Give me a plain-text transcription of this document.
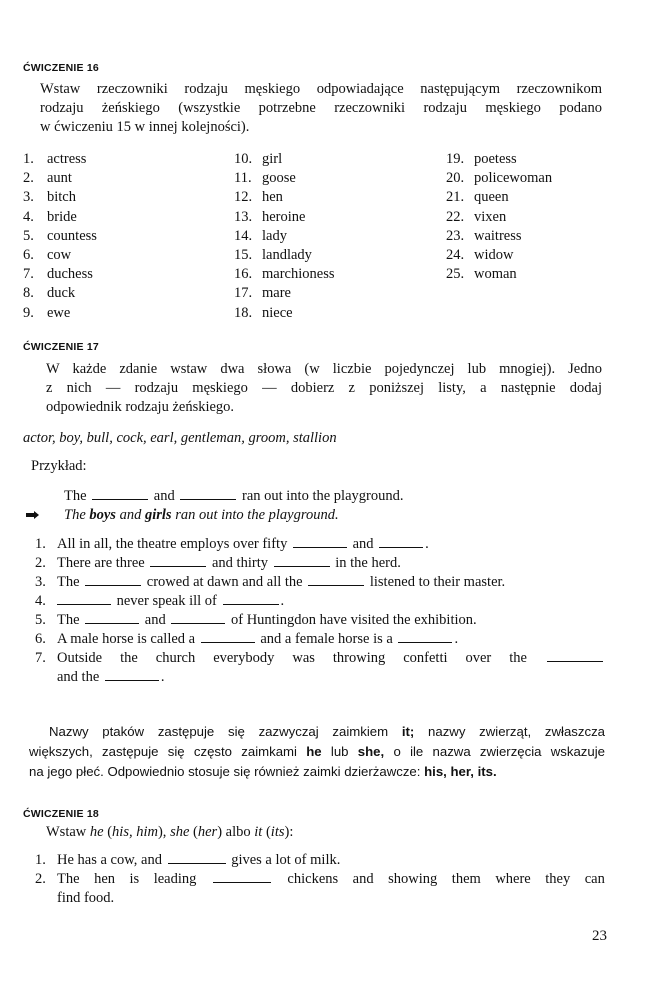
ĆWICZENIE 16
Wstaw rzeczowniki rodzaju męskiego odpowiadające następującym rzeczownikom
rodzaju żeńskiego (wszystkie potrzebne rzeczowniki rodzaju męskiego podano
w ćwiczeniu 15 w innej kolejności).
1. actress
2. aunt
3. bitch
4. bride
5. countess
6. cow
7. duchess
8. duck
9. ewe
10. girl
11. goose
12. hen
13. heroine
14. lady
15. landlady
16. marchioness
17. mare
18. niece
19. poetess
20. policewoman
21. queen
22. vixen
23. waitress
24. widow
25. woman
ĆWICZENIE 17
W każde zdanie wstaw dwa słowa (w liczbie pojedynczej lub mnogiej). Jedno
z nich — rodzaju męskiego — dobierz z poniższej listy, a następnie dodaj
odpowiednik rodzaju żeńskiego.
actor, boy, bull, cock, earl, gentleman, groom, stallion
Przykład:
The	and	ran out into the playground.
The boys and girls ran out into the playground.
1. All in all, the theatre employs over fifty	and	.
2. There are three	and thirty	in the herd.
3. The	crowed at dawn and all the	listened to their master.
4.	never speak ill of	.
5. The	and	of Huntingdon have visited the exhibition.
6. A male horse is called a	and a female horse is a	.
7. Outside the church everybody was throwing confetti over the
and the	.
Nazwy ptaków zastępuje się zazwyczaj zaimkiem it; nazwy zwierząt, zwłaszcza
większych, zastępuje się często zaimkami he lub she, o ile nazwa zwierzęcia wskazuje
na jego płeć. Odpowiednio stosuje się również zaimki dzierżawcze: his, her, its.
ĆWICZENIE 18
Wstaw he (his, him), she (her) albo it (its):
1. He has a cow, and	gives a lot of milk.
2. The hen is leading	chickens and showing them where they can
find food.
23
